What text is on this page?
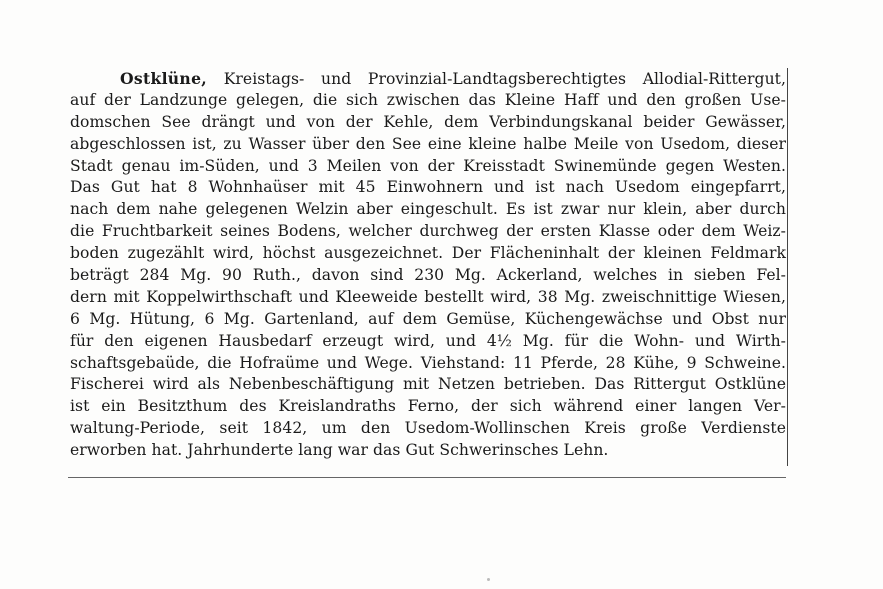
Ostklüne, Kreistags- und Provinzial-Landtagsberechtigtes Allodial-Rittergut,
auf der Landzunge gelegen, die sich zwischen das Kleine Haff und den großen Use-
domschen See drängt und von der Kehle, dem Verbindungskanal beider Gewässer,
abgeschlossen ist, zu Wasser über den See eine kleine halbe Meile von Usedom, dieser
Stadt genau im-Süden, und 3 Meilen von der Kreisstadt Swinemünde gegen Westen.
Das Gut hat 8 Wohnhaüser mit 45 Einwohnern und ist nach Usedom eingepfarrt,
nach dem nahe gelegenen Welzin aber eingeschult. Es ist zwar nur klein, aber durch
die Fruchtbarkeit seines Bodens, welcher durchweg der ersten Klasse oder dem Weiz-
boden zugezählt wird, höchst ausgezeichnet. Der Flächeninhalt der kleinen Feldmark
beträgt 284 Mg. 90 Ruth., davon sind 230 Mg. Ackerland, welches in sieben Fel-
dern mit Koppelwirthschaft und Kleeweide bestellt wird, 38 Mg. zweischnittige Wiesen,
6 Mg. Hütung, 6 Mg. Gartenland, auf dem Gemüse, Küchengewächse und Obst nur
für den eigenen Hausbedarf erzeugt wird, und 4½ Mg. für die Wohn- und Wirth-
schaftsgebaüde, die Hofraüme und Wege. Viehstand: 11 Pferde, 28 Kühe, 9 Schweine.
Fischerei wird als Nebenbeschäftigung mit Netzen betrieben. Das Rittergut Ostklüne
ist ein Besitzthum des Kreislandraths Ferno, der sich während einer langen Ver-
waltung-Periode, seit 1842, um den Usedom-Wollinschen Kreis große Verdienste
erworben hat. Jahrhunderte lang war das Gut Schwerinsches Lehn.
